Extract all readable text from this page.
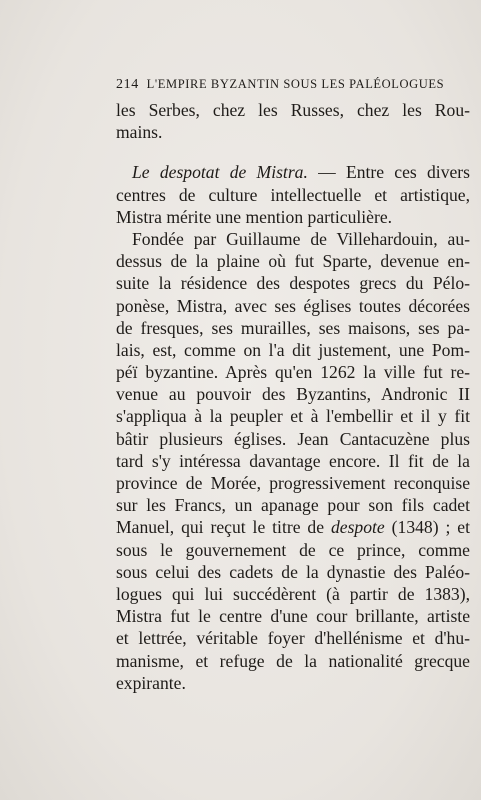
214 L'EMPIRE BYZANTIN SOUS LES PALÉOLOGUES
les Serbes, chez les Russes, chez les Rou-
mains.
Le despotat de Mistra. — Entre ces divers
centres de culture intellectuelle et artistique,
Mistra mérite une mention particulière.
Fondée par Guillaume de Villehardouin, au-
dessus de la plaine où fut Sparte, devenue en-
suite la résidence des despotes grecs du Pélo-
ponèse, Mistra, avec ses églises toutes décorées
de fresques, ses murailles, ses maisons, ses pa-
lais, est, comme on l'a dit justement, une Pom-
péï byzantine. Après qu'en 1262 la ville fut re-
venue au pouvoir des Byzantins, Andronic II
s'appliqua à la peupler et à l'embellir et il y fit
bâtir plusieurs églises. Jean Cantacuzène plus
tard s'y intéressa davantage encore. Il fit de la
province de Morée, progressivement reconquise
sur les Francs, un apanage pour son fils cadet
Manuel, qui reçut le titre de despote (1348) ; et
sous le gouvernement de ce prince, comme
sous celui des cadets de la dynastie des Paléo-
logues qui lui succédèrent (à partir de 1383),
Mistra fut le centre d'une cour brillante, artiste
et lettrée, véritable foyer d'hellénisme et d'hu-
manisme, et refuge de la nationalité grecque
expirante.
